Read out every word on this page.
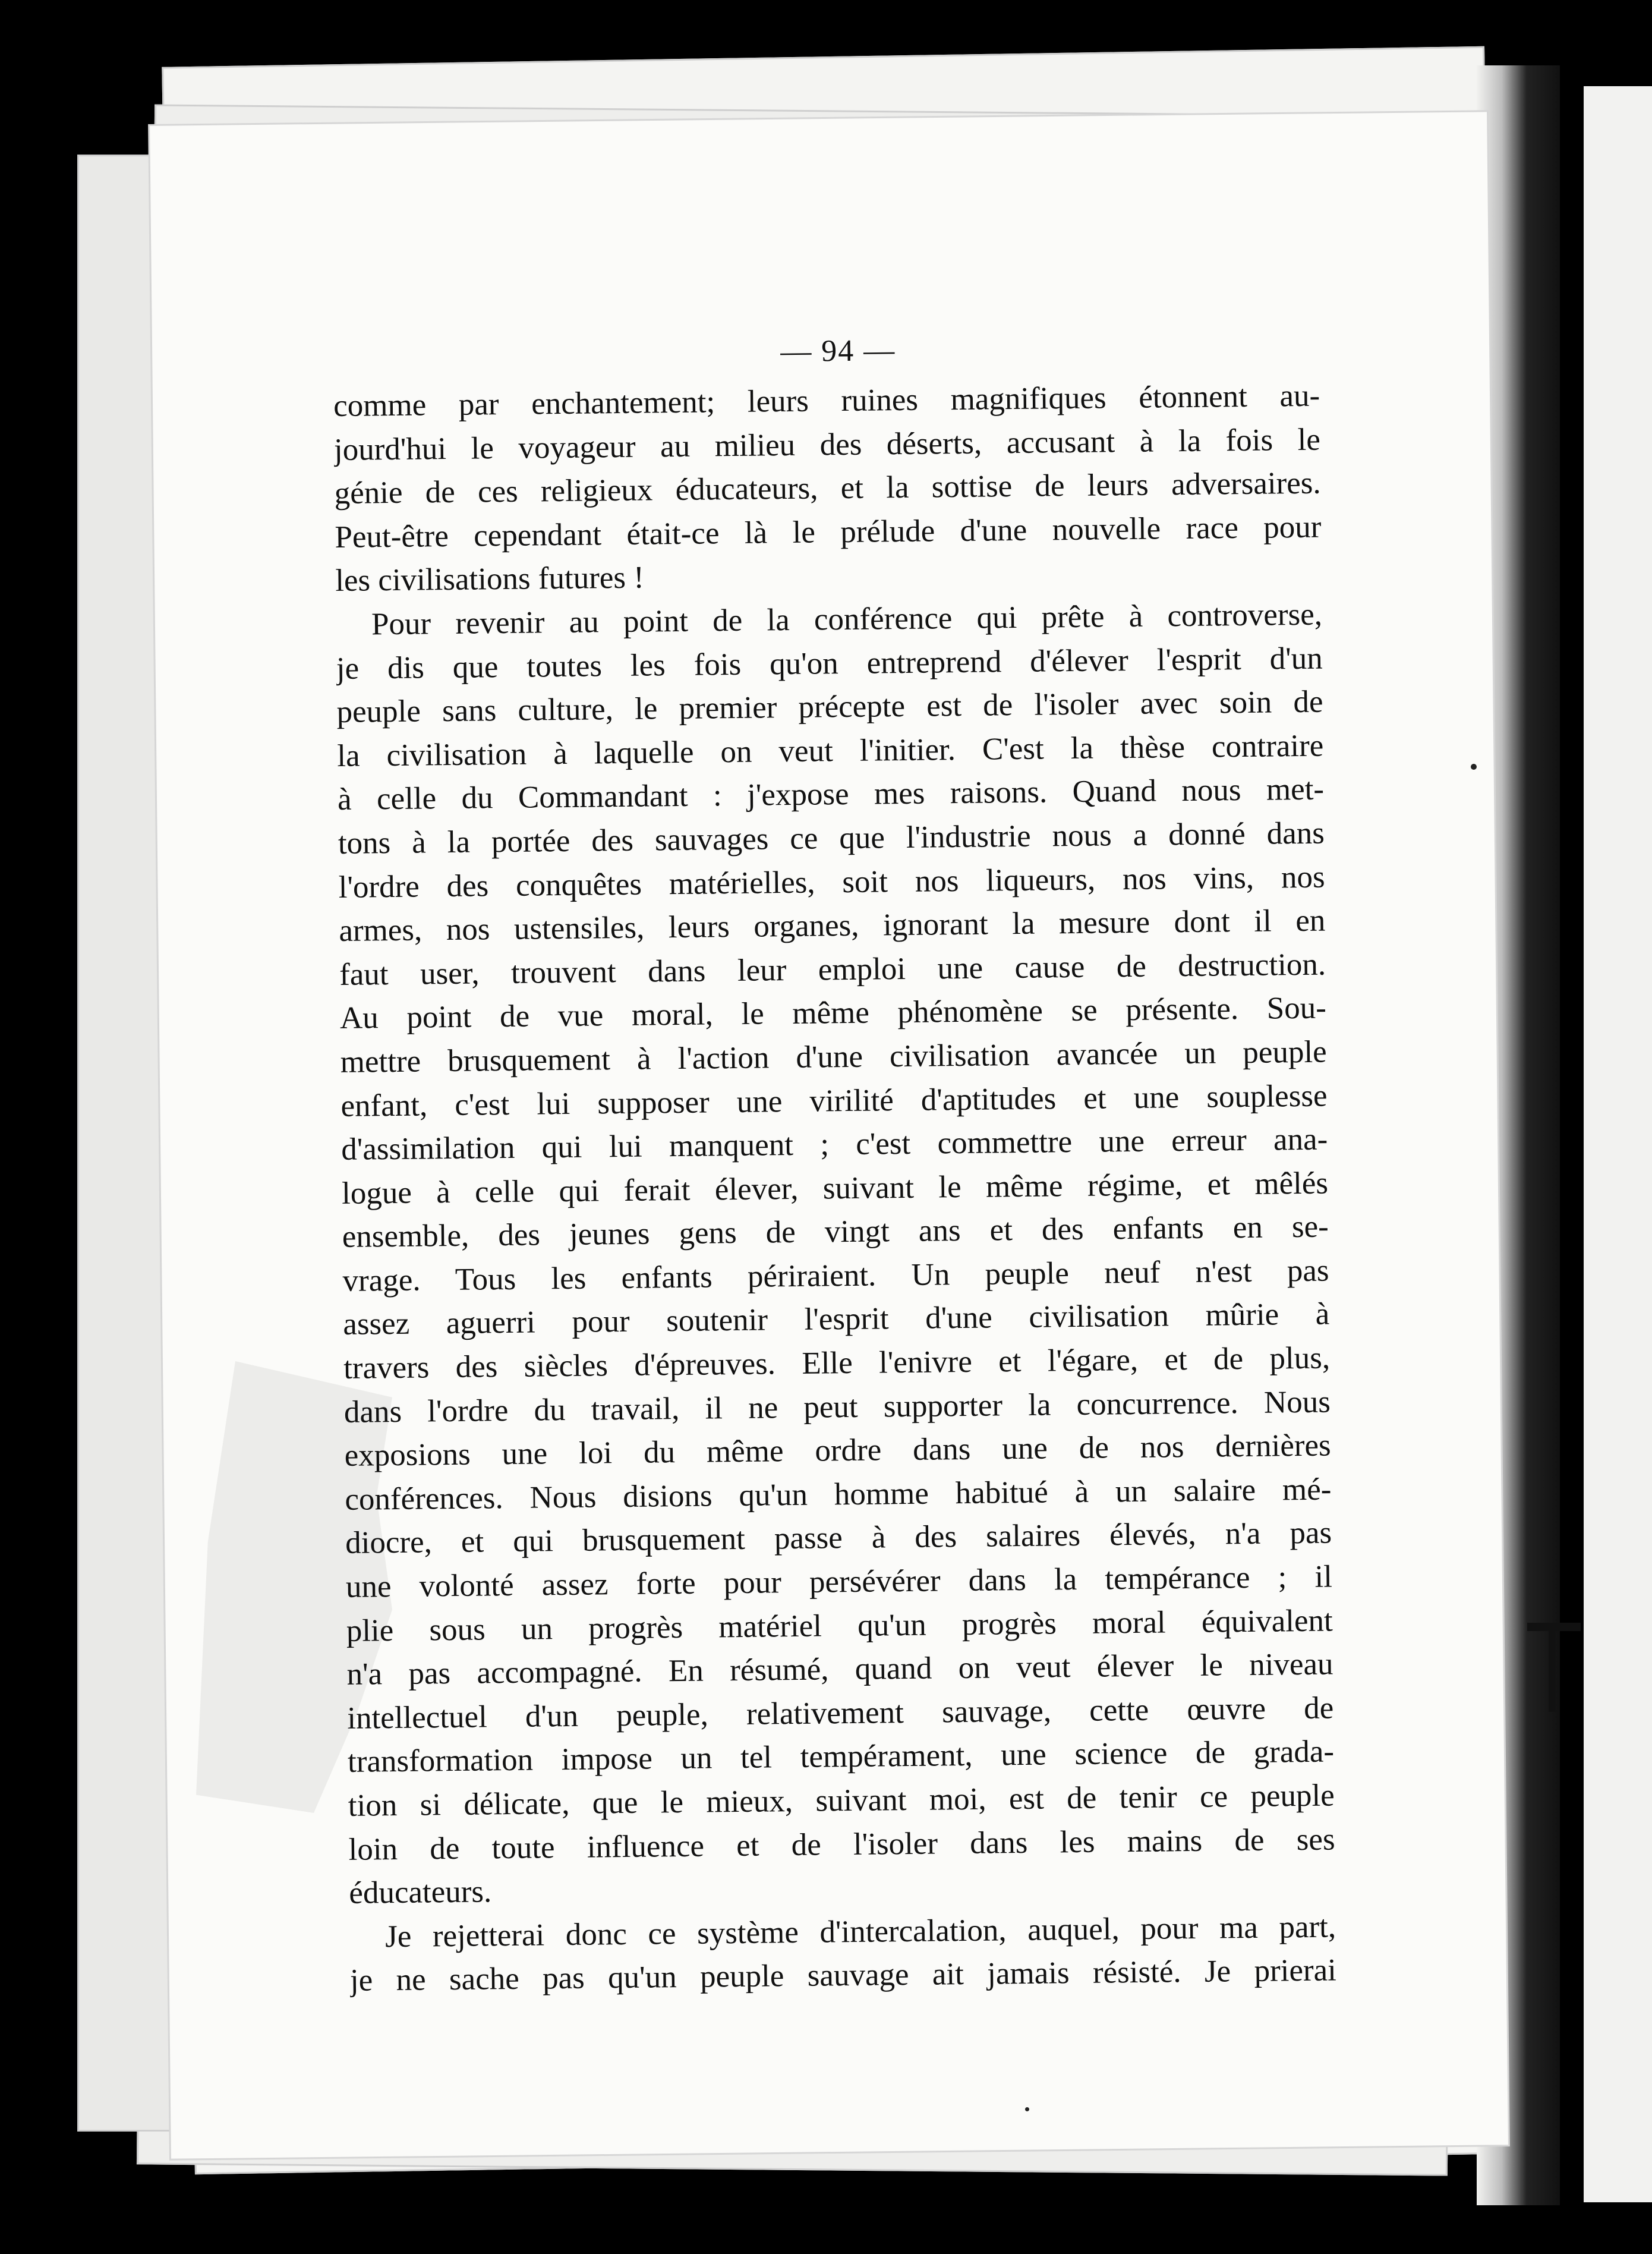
— 94 —

comme par enchantement; leurs ruines magnifiques étonnent au-
jourd'hui le voyageur au milieu des déserts, accusant à la fois le
génie de ces religieux éducateurs, et la sottise de leurs adversaires.
Peut-être cependant était-ce là le prélude d'une nouvelle race pour
les civilisations futures !

Pour revenir au point de la conférence qui prête à controverse,
je dis que toutes les fois qu'on entreprend d'élever l'esprit d'un
peuple sans culture, le premier précepte est de l'isoler avec soin de
la civilisation à laquelle on veut l'initier. C'est la thèse contraire
à celle du Commandant : j'expose mes raisons. Quand nous met-
tons à la portée des sauvages ce que l'industrie nous a donné dans
l'ordre des conquêtes matérielles, soit nos liqueurs, nos vins, nos
armes, nos ustensiles, leurs organes, ignorant la mesure dont il en
faut user, trouvent dans leur emploi une cause de destruction.
Au point de vue moral, le même phénomène se présente. Sou-
mettre brusquement à l'action d'une civilisation avancée un peuple
enfant, c'est lui supposer une virilité d'aptitudes et une souplesse
d'assimilation qui lui manquent ; c'est commettre une erreur ana-
logue à celle qui ferait élever, suivant le même régime, et mêlés
ensemble, des jeunes gens de vingt ans et des enfants en se-
vrage. Tous les enfants périraient. Un peuple neuf n'est pas
assez aguerri pour soutenir l'esprit d'une civilisation mûrie à
travers des siècles d'épreuves. Elle l'enivre et l'égare, et de plus,
dans l'ordre du travail, il ne peut supporter la concurrence. Nous
exposions une loi du même ordre dans une de nos dernières
conférences. Nous disions qu'un homme habitué à un salaire mé-
diocre, et qui brusquement passe à des salaires élevés, n'a pas
une volonté assez forte pour persévérer dans la tempérance ; il
plie sous un progrès matériel qu'un progrès moral équivalent
n'a pas accompagné. En résumé, quand on veut élever le niveau
intellectuel d'un peuple, relativement sauvage, cette œuvre de
transformation impose un tel tempérament, une science de grada-
tion si délicate, que le mieux, suivant moi, est de tenir ce peuple
loin de toute influence et de l'isoler dans les mains de ses
éducateurs.

Je rejetterai donc ce système d'intercalation, auquel, pour ma part,
je ne sache pas qu'un peuple sauvage ait jamais résisté. Je prierai
